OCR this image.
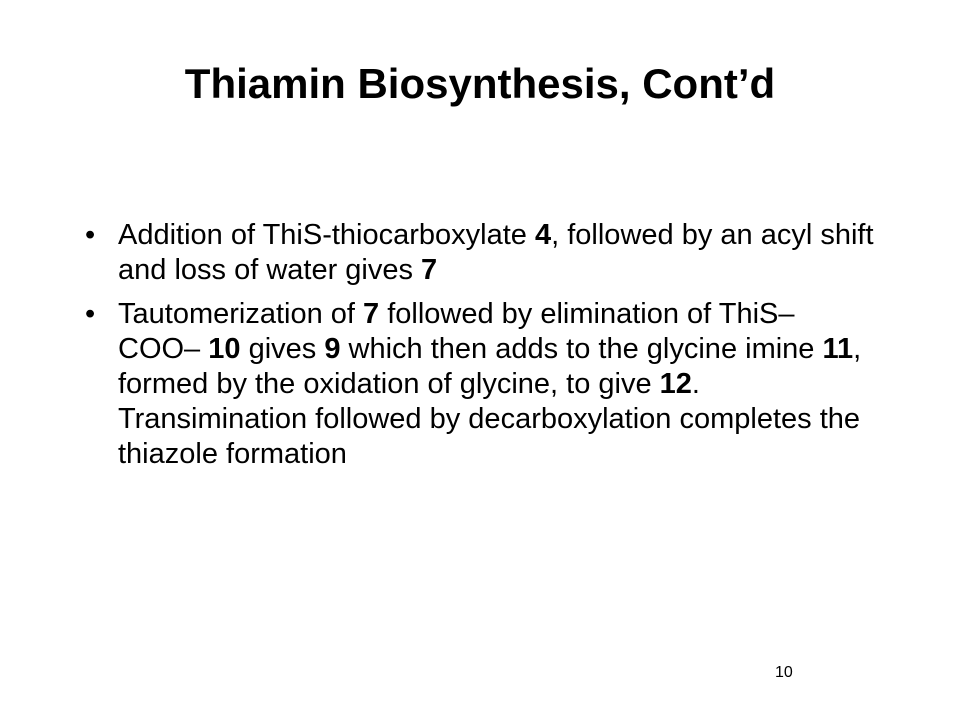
Thiamin Biosynthesis, Cont’d
• Addition of ThiS-thiocarboxylate 4, followed by an acyl shift and loss of water gives 7
• Tautomerization of 7 followed by elimination of ThiS–COO– 10 gives 9 which then adds to the glycine imine 11, formed by the oxidation of glycine, to give 12. Transimination followed by decarboxylation completes the thiazole formation
10
